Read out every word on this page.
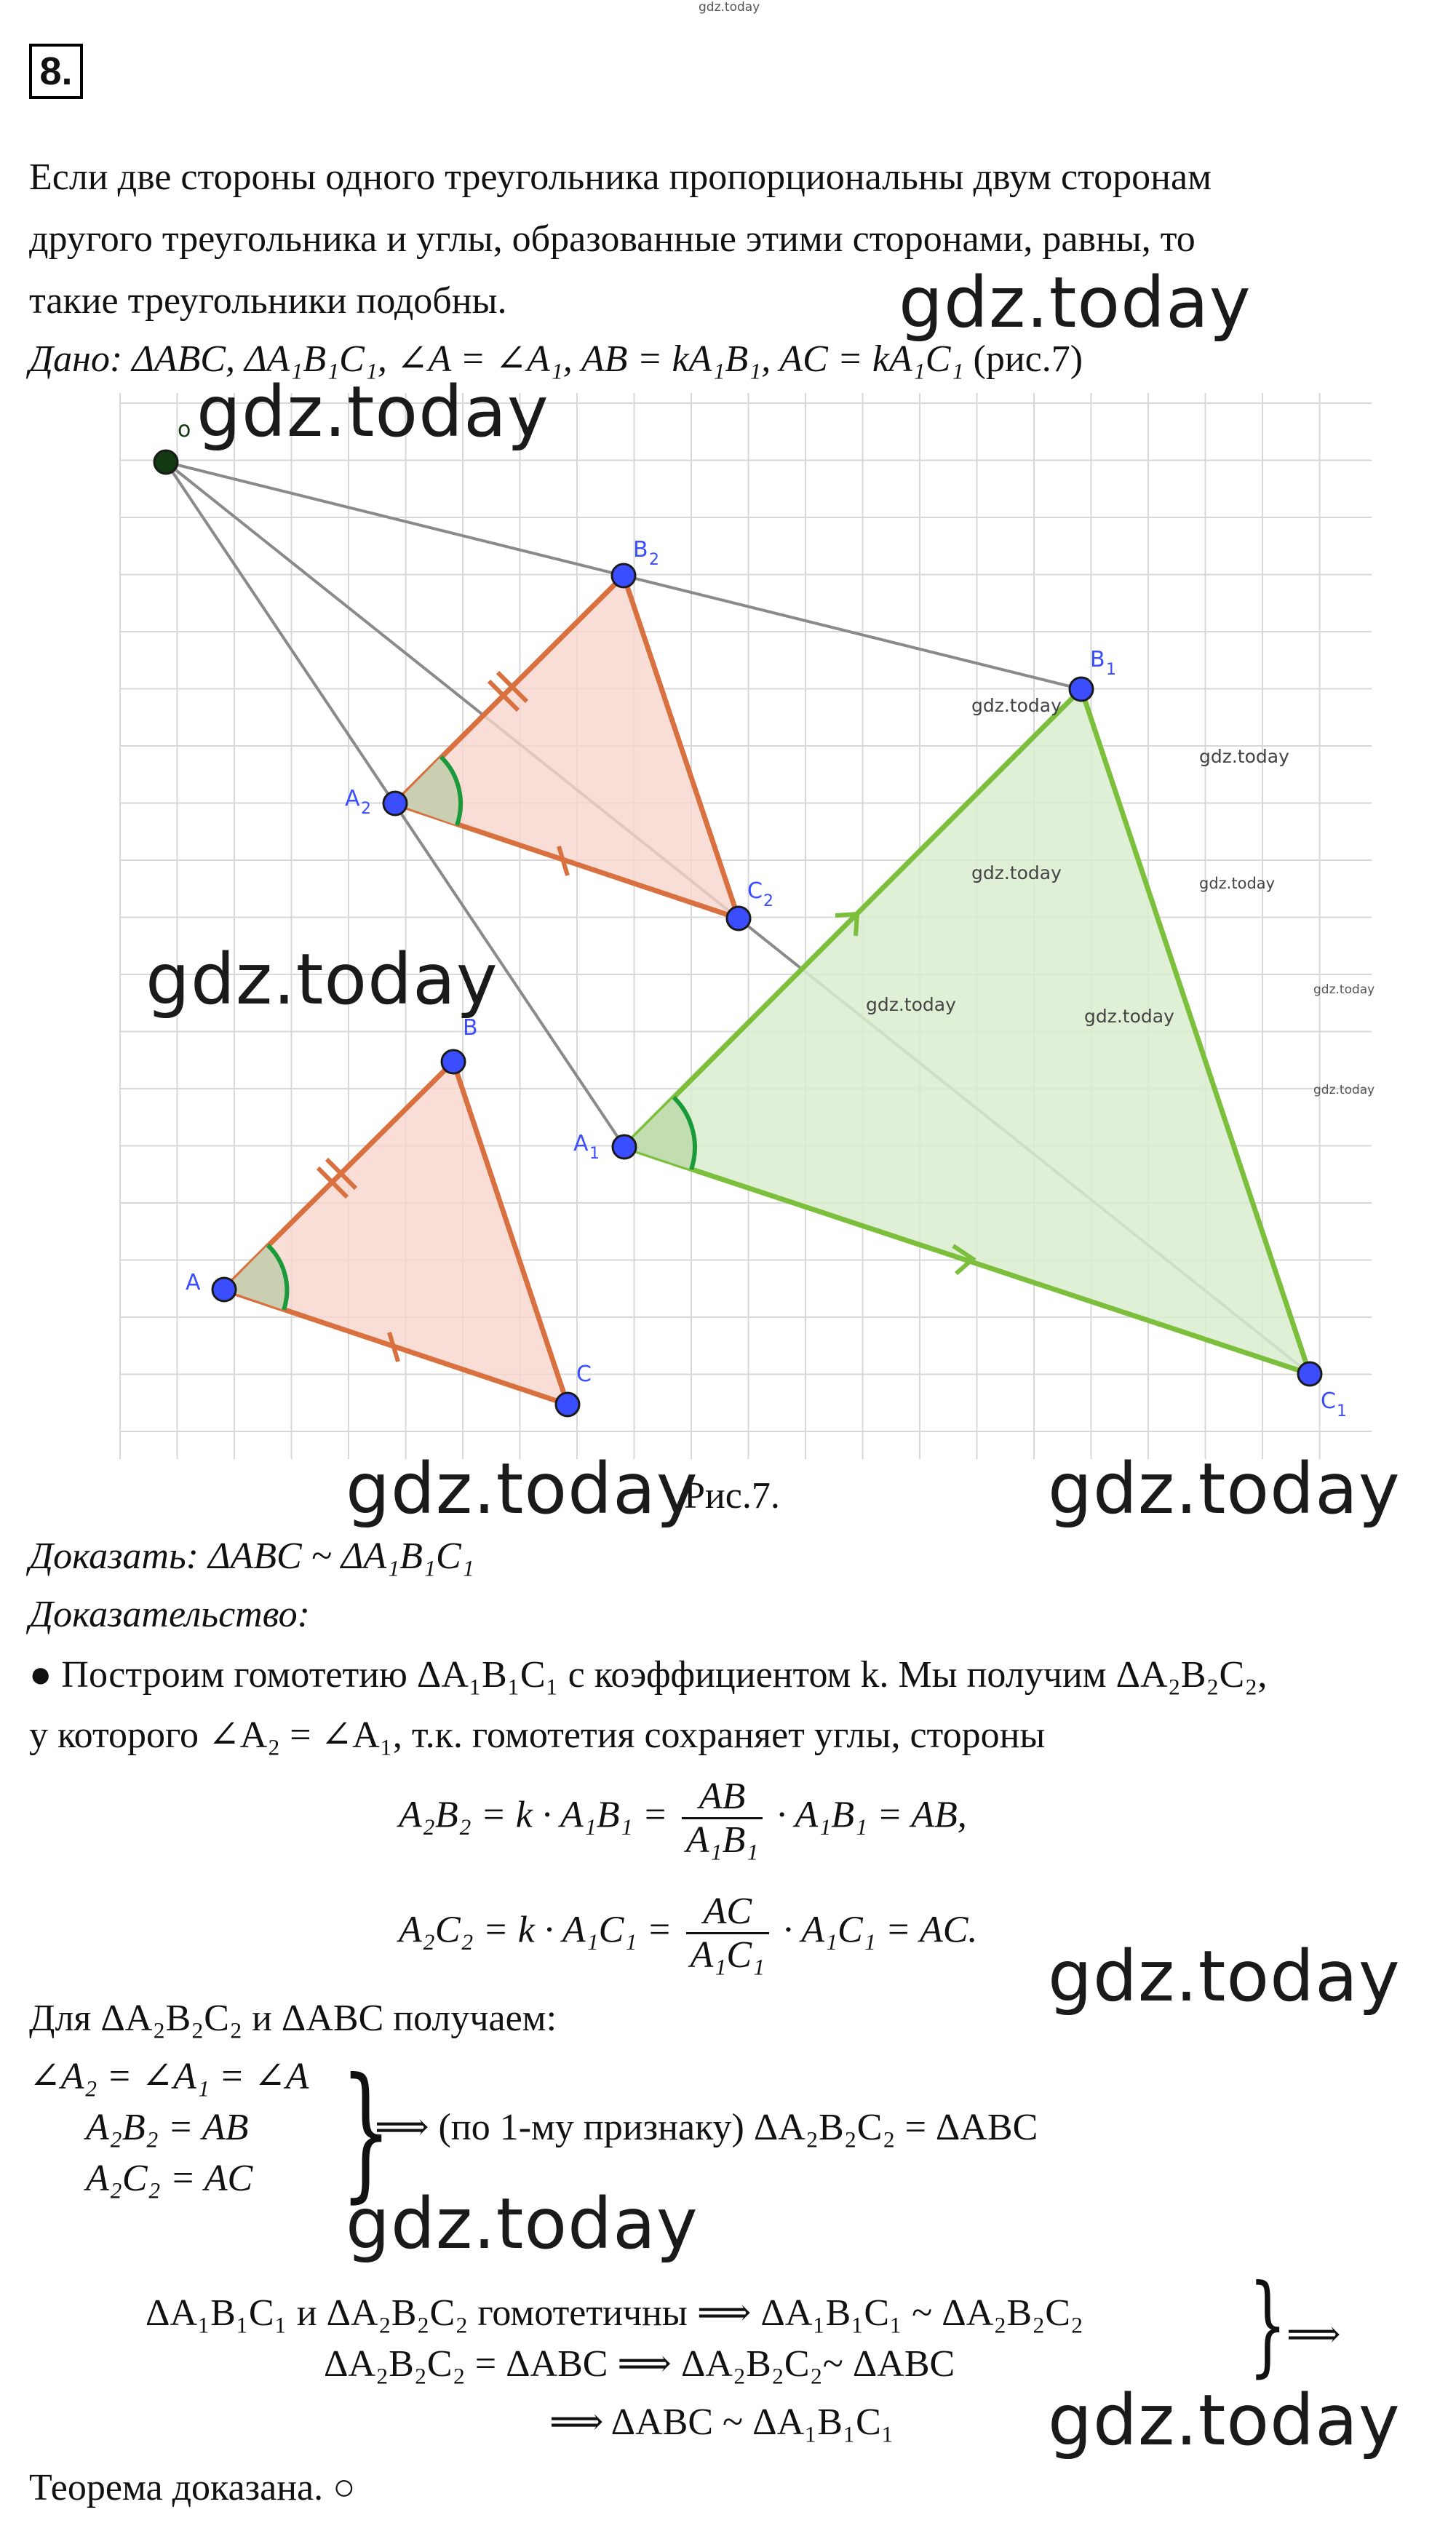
gdz.today
8.
Если две стороны одного треугольника пропорциональны двум сторонам
другого треугольника и углы, образованные этими сторонами, равны, то
такие треугольники подобны.
Дано: ΔABC, ΔA₁B₁C₁, ∠A = ∠A₁, AB = kA₁B₁, AC = kA₁C₁ (рис.7)
o
B 2
A 2
C 2
B 1
A 1
C 1
B
A
C
Рис.7.
Доказать: ΔABC ~ ΔA₁B₁C₁
Доказательство:
● Построим гомотетию ΔA₁B₁C₁ с коэффициентом k. Мы получим ΔA₂B₂C₂,
у которого ∠A₂ = ∠A₁, т.к. гомотетия сохраняет углы, стороны
$A_2B_2 = k \cdot A_1B_1 = \frac{AB}{\text{A₁B₁}} \cdot A_1B_1$ = AB,
$A_2C_2 = k \cdot A_1C_1 = \frac{AC}{\text{A₁C₁}} \cdot A_1C_1$ = AC.
Для ΔA₂B₂C₂ и ΔABC получаем:
∠A₂ = ∠A₁ = ∠A
A₂B₂ = AB
A₂C₂ = AC }
⟹ (по 1-му признаку) ΔA₂B₂C₂ = ΔABC
ΔA₁B₁C₁ и ΔA₂B₂C₂ гомотетичны ⟹ ΔA₁B₁C₁ ~ ΔA₂B₂C₂
ΔA₂B₂C₂ = ΔABC ⟹ ΔA₂B₂C₂~ ΔABC	} ⟹
⟹ ΔABC ~ ΔA₁B₁C₁
Теорема доказана. ○
gdz.today
gdz.today
gdz.today
gdz.today	gdz.today
gdz.today
gdz.today
gdz.today
gdz.today
gdz.today
gdz.today	gdz.today
gdz.today
gdz.today
gdz.today
gdz.today
